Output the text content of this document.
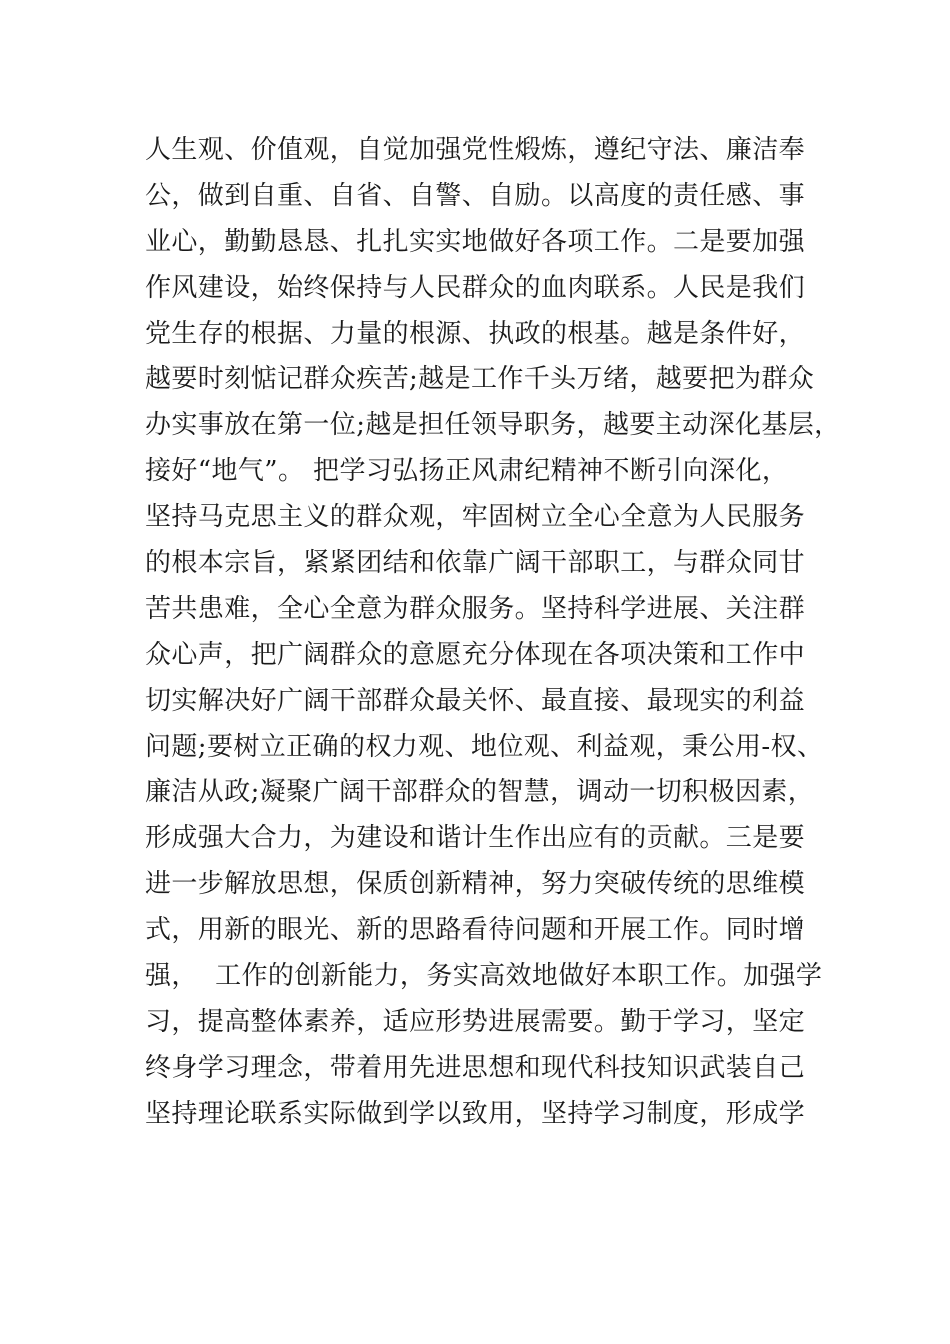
人生观、价值观，自觉加强党性煅炼，遵纪守法、廉洁奉
公，做到自重、自省、自警、自励。以高度的责任感、事
业心，勤勤恳恳、扎扎实实地做好各项工作。二是要加强
作风建设，始终保持与人民群众的血肉联系。人民是我们
党生存的根据、力量的根源、执政的根基。越是条件好，
越要时刻惦记群众疾苦;越是工作千头万绪，越要把为群众
办实事放在第一位;越是担任领导职务，越要主动深化基层，
接好“地气”。 把学习弘扬正风肃纪精神不断引向深化，
坚持马克思主义的群众观，牢固树立全心全意为人民服务
的根本宗旨，紧紧团结和依靠广阔干部职工，与群众同甘
苦共患难，全心全意为群众服务。坚持科学进展、关注群
众心声，把广阔群众的意愿充分体现在各项决策和工作中
切实解决好广阔干部群众最关怀、最直接、最现实的利益
问题;要树立正确的权力观、地位观、利益观，秉公用-权、
廉洁从政;凝聚广阔干部群众的智慧，调动一切积极因素，
形成强大合力，为建设和谐计生作出应有的贡献。三是要
进一步解放思想，保质创新精神，努力突破传统的思维模
式，用新的眼光、新的思路看待问题和开展工作。同时增
强，  工作的创新能力，务实高效地做好本职工作。加强学
习，提高整体素养，适应形势进展需要。勤于学习，坚定
终身学习理念，带着用先进思想和现代科技知识武装自己
坚持理论联系实际做到学以致用，坚持学习制度，形成学
